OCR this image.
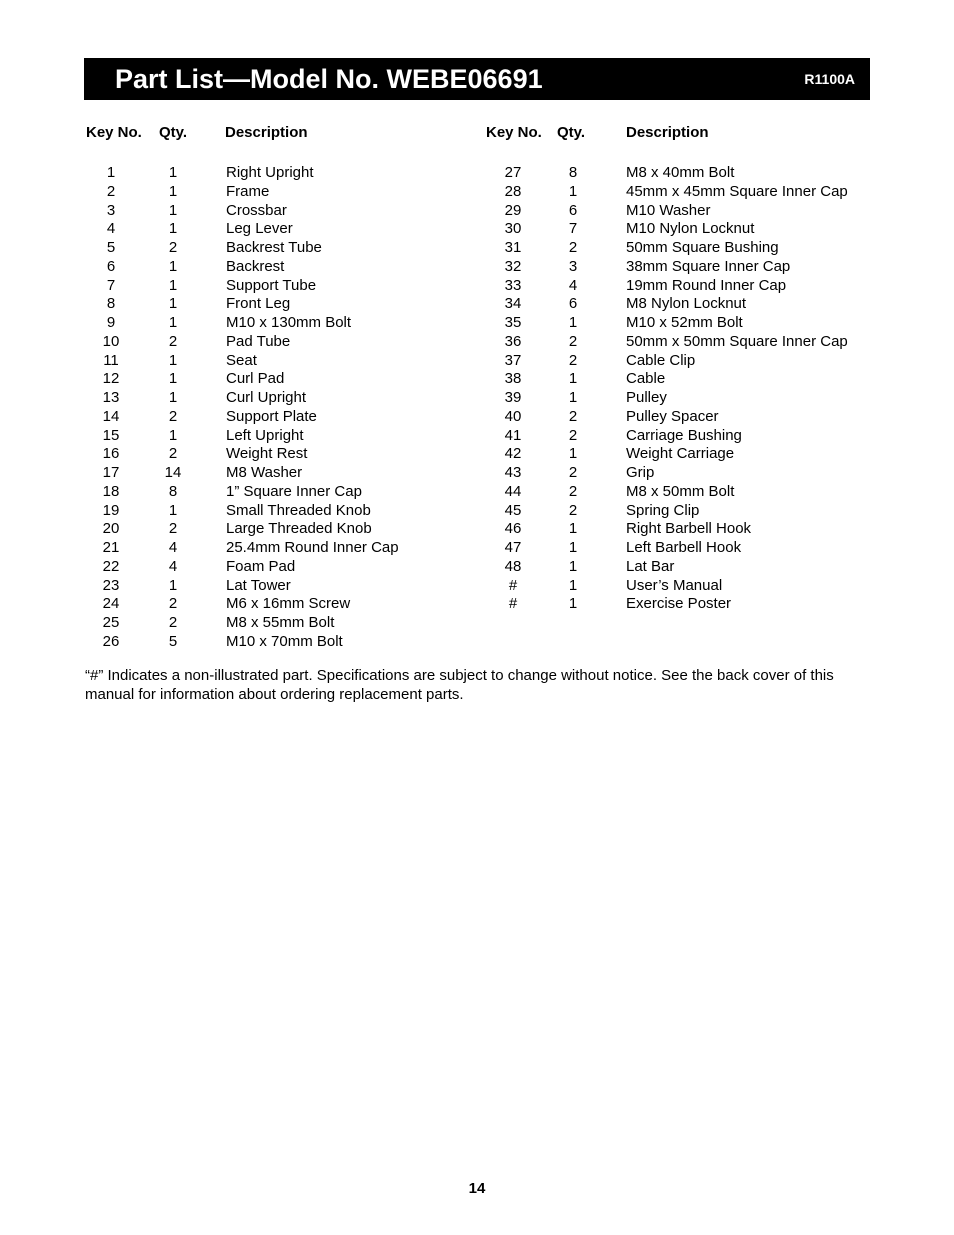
Part List—Model No. WEBE06691	R1100A
Key No. Qty.	Description
1	1	Right Upright
2	1	Frame
3	1	Crossbar
4	1	Leg Lever
5	2	Backrest Tube
6	1	Backrest
7	1	Support Tube
8	1	Front Leg
9	1	M10 x 130mm Bolt
10	2	Pad Tube
11	1	Seat
12	1	Curl Pad
13	1	Curl Upright
14	2	Support Plate
15	1	Left Upright
16	2	Weight Rest
17	14	M8 Washer
18	8	1” Square Inner Cap
19	1	Small Threaded Knob
20	2	Large Threaded Knob
21	4	25.4mm Round Inner Cap
22	4	Foam Pad
23	1	Lat Tower
24	2	M6 x 16mm Screw
25	2	M8 x 55mm Bolt
26	5	M10 x 70mm Bolt
Key No. Qty.	Description
27	8	M8 x 40mm Bolt
28	1	45mm x 45mm Square Inner Cap
29	6	M10 Washer
30	7	M10 Nylon Locknut
31	2	50mm Square Bushing
32	3	38mm Square Inner Cap
33	4	19mm Round Inner Cap
34	6	M8 Nylon Locknut
35	1	M10 x 52mm Bolt
36	2	50mm x 50mm Square Inner Cap
37	2	Cable Clip
38	1	Cable
39	1	Pulley
40	2	Pulley Spacer
41	2	Carriage Bushing
42	1	Weight Carriage
43	2	Grip
44	2	M8 x 50mm Bolt
45	2	Spring Clip
46	1	Right Barbell Hook
47	1	Left Barbell Hook
48	1	Lat Bar
#	1	User’s Manual
#	1	Exercise Poster
“#” Indicates a non-illustrated part. Specifications are subject to change without notice. See the back cover of this manual for information about ordering replacement parts.
14
